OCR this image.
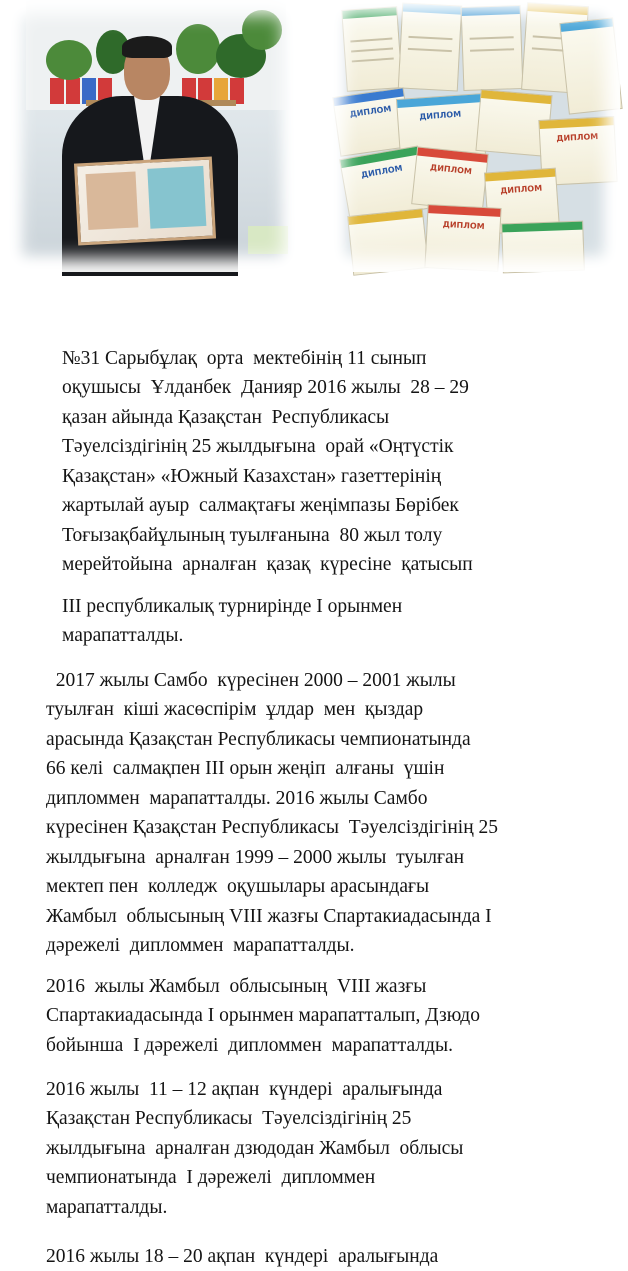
ДИПЛОМ	ДИПЛОМ
ДИПЛОМ
ДИПЛОМ	ДИПЛОМ
ДИПЛОМ
ДИПЛОМ

№31 Сарыбұлақ  орта  мектебінің 11 сынып
оқушысы  Ұлданбек  Данияр 2016 жылы  28 – 29
қазан айында Қазақстан  Республикасы
Тәуелсіздігінің 25 жылдығына  орай «Оңтүстік
Қазақстан» «Южный Казахстан» газеттерінің
жартылай ауыр  салмақтағы жеңімпазы Бөрібек
Тоғызақбайұлының туылғанына  80 жыл толу
мерейтойына  арналған  қазақ  күресіне  қатысып

ІІІ республикалық турнирінде І орынмен
марапатталды.

2017 жылы Самбо  күресінен 2000 – 2001 жылы
туылған  кіші жасөспірім  ұлдар  мен  қыздар
арасында Қазақстан Республикасы чемпионатында
66 келі  салмақпен ІІІ орын жеңіп  алғаны  үшін
дипломмен  марапатталды. 2016 жылы Самбо
күресінен Қазақстан Республикасы  Тәуелсіздігінің 25
жылдығына  арналған 1999 – 2000 жылы  туылған
мектеп пен  колледж  оқушылары арасындағы
Жамбыл  облысының VІІІ жазғы Спартакиадасында І
дәрежелі  дипломмен  марапатталды.

2016  жылы Жамбыл  облысының  VІІІ жазғы
Спартакиадасында І орынмен марапатталып, Дзюдо
бойынша  І дәрежелі  дипломмен  марапатталды.

2016 жылы  11 – 12 ақпан  күндері  аралығында
Қазақстан Республикасы  Тәуелсіздігінің 25
жылдығына  арналған дзюдодан Жамбыл  облысы
чемпионатында  І дәрежелі  дипломмен
марапатталды.

2016 жылы 18 – 20 ақпан  күндері  аралығында
